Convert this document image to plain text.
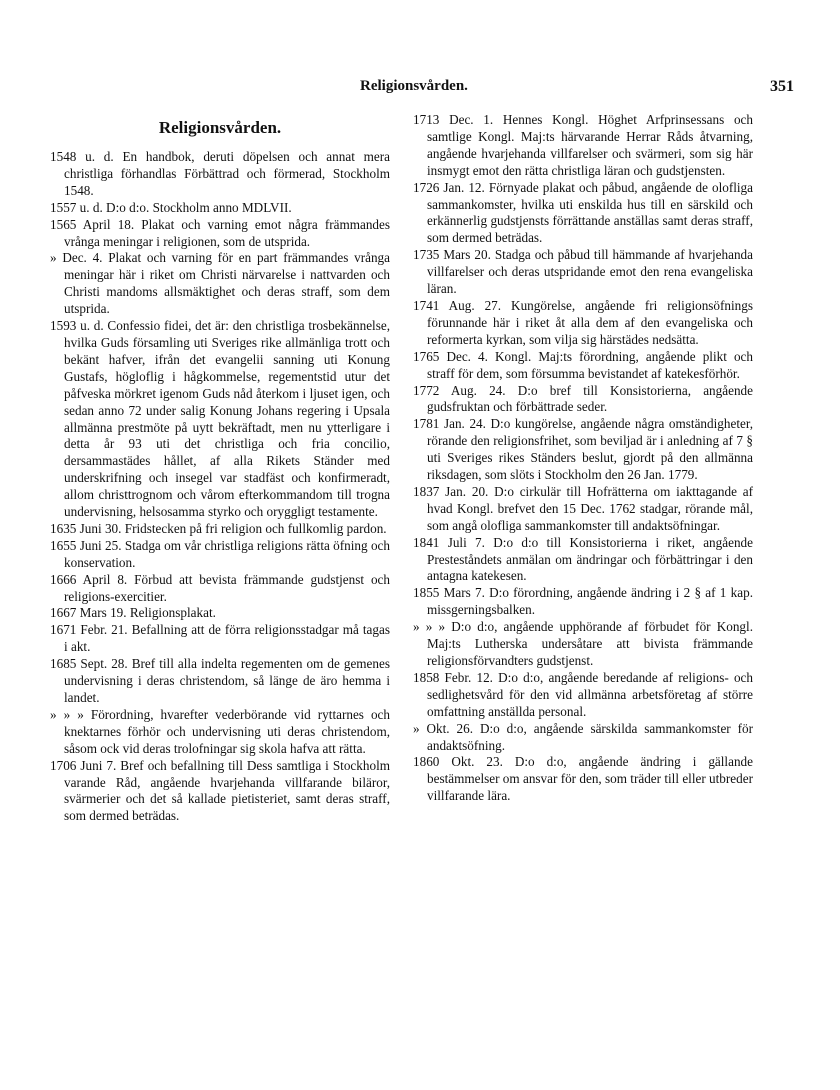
Religionsvården.	351
Religionsvården.

1548 u. d. En handbok, deruti döpelsen och annat mera christliga förhandlas Förbättrad och förmerad, Stockholm 1548.

1557 u. d. D:o d:o. Stockholm anno MDLVII.

1565 April 18. Plakat och varning emot några främmandes vrånga meningar i religionen, som de utsprida.

» Dec. 4. Plakat och varning för en part främmandes vrånga meningar här i riket om Christi närvarelse i nattvarden och Christi mandoms allsmäktighet och deras straff, som dem utsprida.

1593 u. d. Confessio fidei, det är: den christliga trosbekännelse, hvilka Guds församling uti Sveriges rike allmänliga trott och bekänt hafver, ifrån det evangelii sanning uti Konung Gustafs, högloflig i hågkommelse, regementstid utur det påfveska mörkret igenom Guds nåd återkom i ljuset igen, och sedan anno 72 under salig Konung Johans regering i Upsala allmänna prestmöte på uytt bekräftadt, men nu ytterligare i detta år 93 uti det christliga och fria concilio, dersammastädes hållet, af alla Rikets Ständer med underskrifning och insegel var stadfäst och konfirmeradt, allom christtrognom och vårom efterkommandom till trogna undervisning, helsosamma styrko och oryggligt testamente.

1635 Juni 30. Fridstecken på fri religion och fullkomlig pardon.

1655 Juni 25. Stadga om vår christliga religions rätta öfning och konservation.

1666 April 8. Förbud att bevista främmande gudstjenst och religions-exercitier.

1667 Mars 19. Religionsplakat.

1671 Febr. 21. Befallning att de förra religionsstadgar må tagas i akt.

1685 Sept. 28. Bref till alla indelta regementen om de gemenes undervisning i deras christendom, så länge de äro hemma i landet.

» » » Förordning, hvarefter vederbörande vid ryttarnes och knektarnes förhör och undervisning uti deras christendom, såsom ock vid deras trolofningar sig skola hafva att rätta.

1706 Juni 7. Bref och befallning till Dess samtliga i Stockholm varande Råd, angående hvarjehanda villfarande biläror, svärmerier och det så kallade pietisteriet, samt deras straff, som dermed beträdas.

1713 Dec. 1. Hennes Kongl. Höghet Arfprinsessans och samtlige Kongl. Maj:ts härvarande Herrar Råds åtvarning, angående hvarjehanda villfarelser och svärmeri, som sig här insmygt emot den rätta christliga läran och gudstjensten.

1726 Jan. 12. Förnyade plakat och påbud, angående de olofliga sammankomster, hvilka uti enskilda hus till en särskild och erkännerlig gudstjensts förrättande anställas samt deras straff, som dermed beträdas.

1735 Mars 20. Stadga och påbud till hämmande af hvarjehanda villfarelser och deras utspridande emot den rena evangeliska läran.

1741 Aug. 27. Kungörelse, angående fri religionsöfnings förunnande här i riket åt alla dem af den evangeliska och reformerta kyrkan, som vilja sig härstädes nedsätta.

1765 Dec. 4. Kongl. Maj:ts förordning, angående plikt och straff för dem, som försumma bevistandet af katekesförhör.

1772 Aug. 24. D:o bref till Konsistorierna, angående gudsfruktan och förbättrade seder.

1781 Jan. 24. D:o kungörelse, angående några omständigheter, rörande den religionsfrihet, som beviljad är i anledning af 7 § uti Sveriges rikes Ständers beslut, gjordt på den allmänna riksdagen, som slöts i Stockholm den 26 Jan. 1779.

1837 Jan. 20. D:o cirkulär till Hofrätterna om iakttagande af hvad Kongl. brefvet den 15 Dec. 1762 stadgar, rörande mål, som angå olofliga sammankomster till andaktsöfningar.

1841 Juli 7. D:o d:o till Konsistorierna i riket, angående Presteståndets anmälan om ändringar och förbättringar i den antagna katekesen.

1855 Mars 7. D:o förordning, angående ändring i 2 § af 1 kap. missgerningsbalken.

» » » D:o d:o, angående upphörande af förbudet för Kongl. Maj:ts Lutherska undersåtare att bivista främmande religionsförvandters gudstjenst.

1858 Febr. 12. D:o d:o, angående beredande af religions- och sedlighetsvård för den vid allmänna arbetsföretag af större omfattning anställda personal.

» Okt. 26. D:o d:o, angående särskilda sammankomster för andaktsöfning.

1860 Okt. 23. D:o d:o, angående ändring i gällande bestämmelser om ansvar för den, som träder till eller utbreder villfarande lära.
